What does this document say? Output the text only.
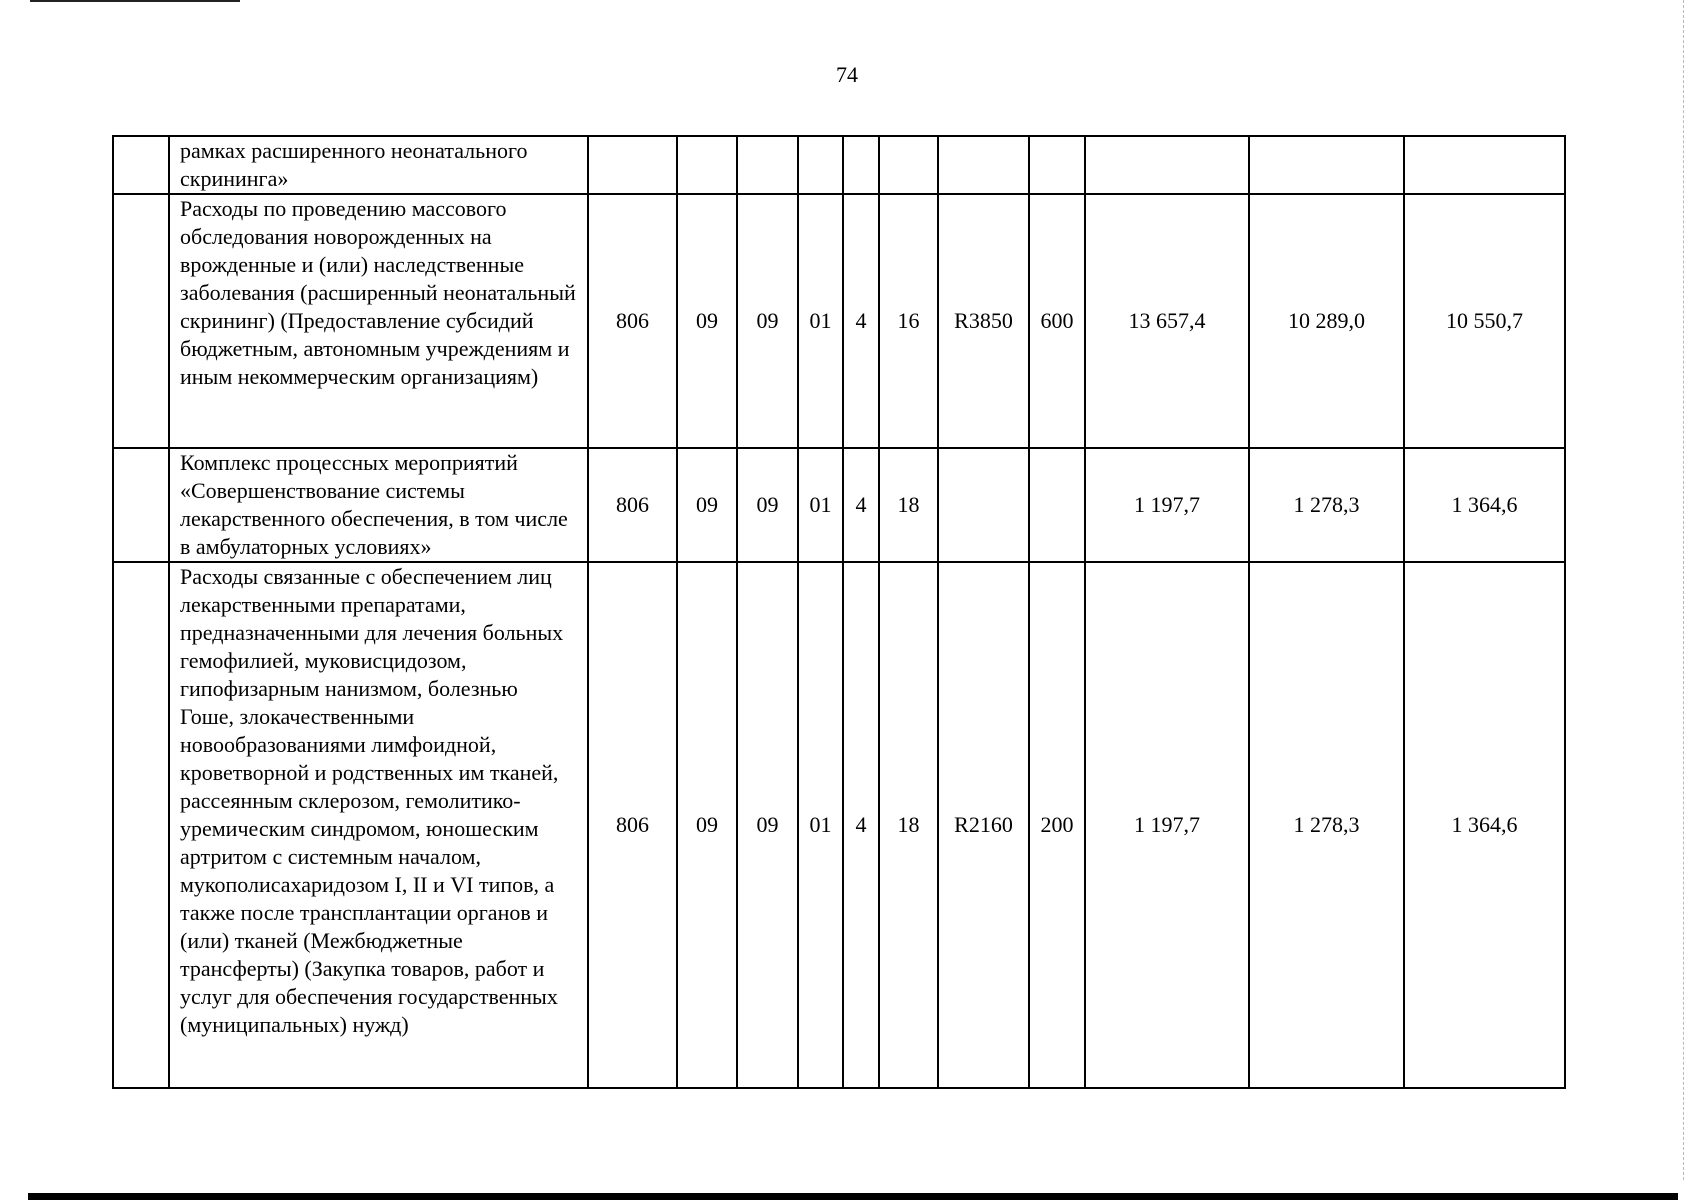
74
	рамках расширенного неонатального скрининга»											
	Расходы по проведению массового обследования новорожденных на врожденные и (или) наследственные заболевания (расширенный неонатальный скрининг) (Предоставление субсидий бюджетным, автономным учреждениям и иным некоммерческим организациям)	806	09	09	01	4	16	R3850	600	13 657,4	10 289,0	10 550,7
	Комплекс процессных мероприятий «Совершенствование системы лекарственного обеспечения, в том числе в амбулаторных условиях»	806	09	09	01	4	18			1 197,7	1 278,3	1 364,6
	Расходы связанные с обеспечением лиц лекарственными препаратами, предназначенными для лечения больных гемофилией, муковисцидозом, гипофизарным нанизмом, болезнью Гоше, злокачественными новообразованиями лимфоидной, кроветворной и родственных им тканей, рассеянным склерозом, гемолитико-уремическим синдромом, юношеским артритом с системным началом, мукополисахаридозом I, II и VI типов, а также после трансплантации органов и (или) тканей (Межбюджетные трансферты) (Закупка товаров, работ и услуг для обеспечения государственных (муниципальных) нужд)	806	09	09	01	4	18	R2160	200	1 197,7	1 278,3	1 364,6
